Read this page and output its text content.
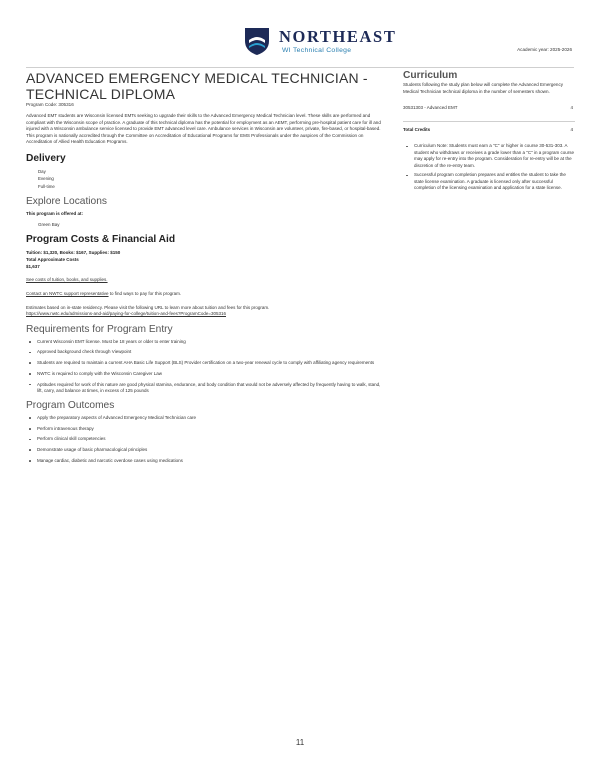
NORTHEAST
WI Technical College	Academic year: 2025-2026
ADVANCED EMERGENCY MEDICAL TECHNICIAN - TECHNICAL DIPLOMA
Program Code: 305316

Advanced EMT students are Wisconsin licensed EMTs seeking to upgrade their skills to the Advanced Emergency Medical Technician level. These skills are performed and compliant with the Wisconsin scope of practice. A graduate of this technical diploma has the potential for employment as an AEMT, performing pre-hospital patient care for ill and injured with a Wisconsin ambulance service licensed to provide EMT advanced level care. Ambulance services in Wisconsin are volunteer, private, fire-based, or hospital-based. This program is nationally accredited through the Committee on Accreditation of Educational Programs for EMS Professionals under the auspices of the Commission on Accreditation of Allied Health Education Programs.

Delivery
Day
Evening
Full-time
Explore Locations
This program is offered at:
Green Bay
Program Costs & Financial Aid
Tuition: $1,320, Books: $167, Supplies: $150
Total Approximate Costs
$1,637
See costs of tuition, books, and supplies.
Contact an NWTC support representative to find ways to pay for this program.
Estimates based on in-state residency. Please visit the following URL to learn more about tuition and fees for this program.
https://www.nwtc.edu/admissions-and-aid/paying-for-college/tuition-and-fees?ProgramCode=305316
Requirements for Program Entry
Current Wisconsin EMT license. Must be 18 years or older to enter training
Approved background check through Viewpoint
Students are required to maintain a current AHA Basic Life Support (BLS) Provider certification on a two-year renewal cycle to comply with affiliating agency requirements
NWTC is required to comply with the Wisconsin Caregiver Law
Aptitudes required for work of this nature are good physical stamina, endurance, and body condition that would not be adversely affected by frequently having to walk, stand, lift, carry, and balance at times, in excess of 125 pounds
Program Outcomes
Apply the preparatory aspects of Advanced Emergency Medical Technician care
Perform intravenous therapy
Perform clinical skill competencies
Demonstrate usage of basic pharmacological principles
Manage cardiac, diabetic and narcotic overdose cases using medications
Curriculum

Students following the study plan below will complete the Advanced Emergency Medical Technician technical diploma in the number of semesters shown.

30531303 - Advanced EMT	4
Total Credits	4
Curriculum Note: Students must earn a "C" or higher in course 30-531-303. A student who withdraws or receives a grade lower than a "C" in a program course may apply for re-entry into the program. Consideration for re-entry will be at the discretion of the re-entry team.
Successful program completion prepares and entitles the student to take the state license examination. A graduate is licensed only after successful completion of the licensing examination and application for a state license.
11
